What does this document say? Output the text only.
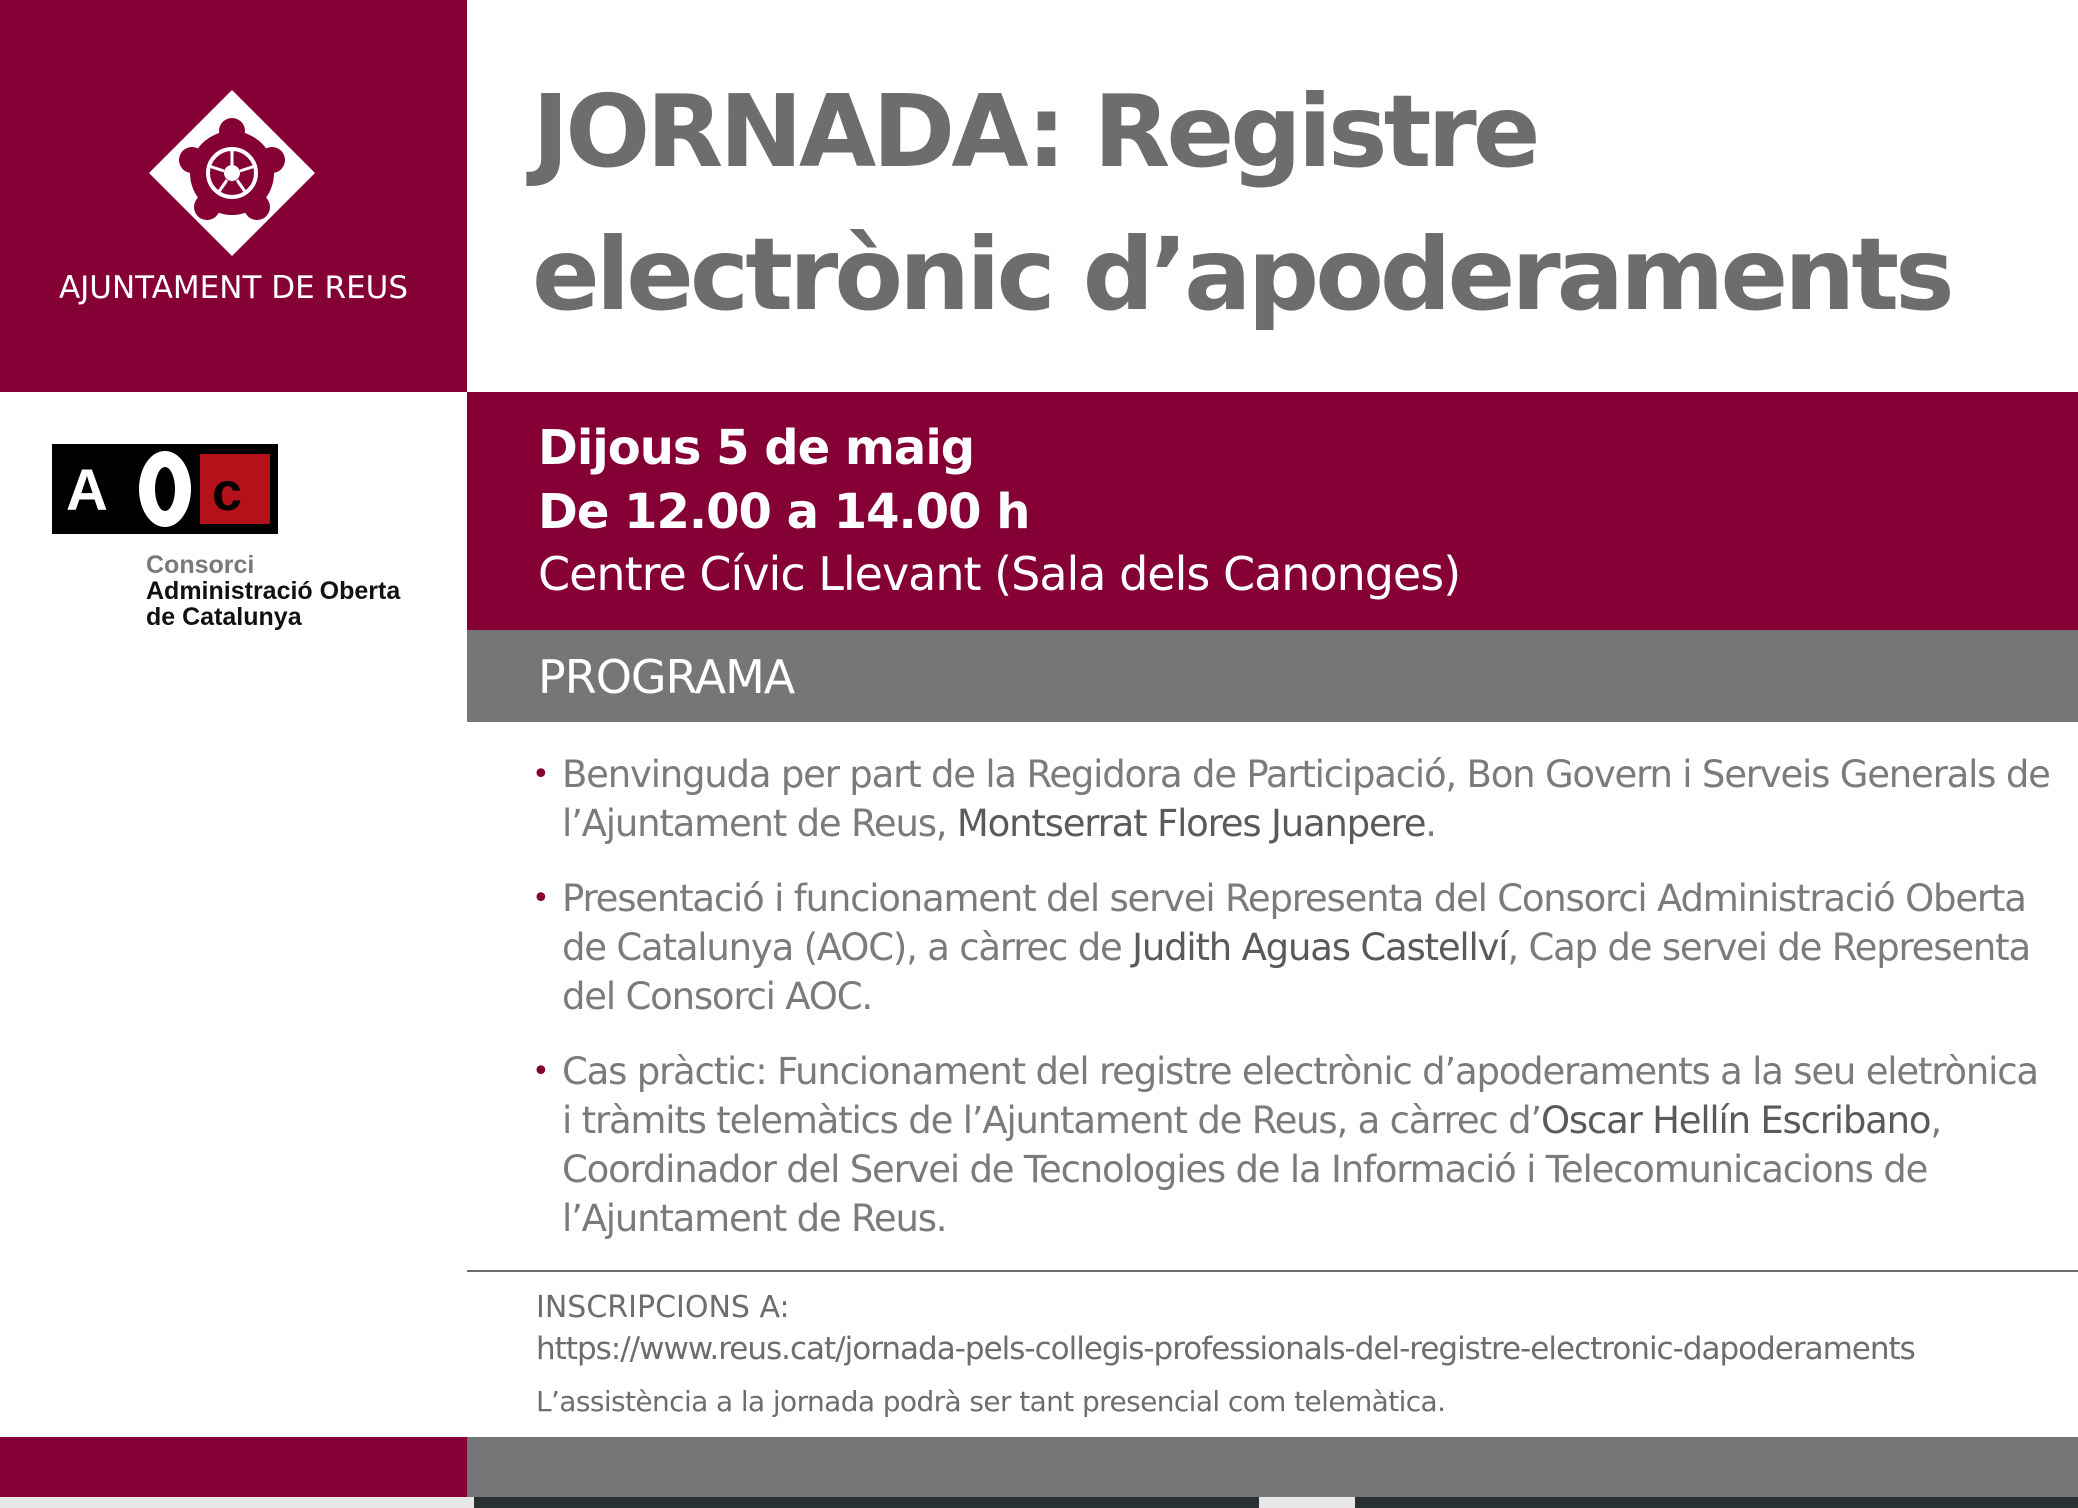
AJUNTAMENT DE REUS
A c
Consorci
Administració Oberta
de Catalunya
JORNADA: Registre
electrònic d’apoderaments
Dijous 5 de maig
De 12.00 a 14.00 h
Centre Cívic Llevant (Sala dels Canonges)
PROGRAMA
• Benvinguda per part de la Regidora de Participació, Bon Govern i Serveis Generals de l’Ajuntament de Reus, Montserrat Flores Juanpere.
• Presentació i funcionament del servei Representa del Consorci Administració Oberta de Catalunya (AOC), a càrrec de Judith Aguas Castellví, Cap de servei de Representa del Consorci AOC.
• Cas pràctic: Funcionament del registre electrònic d’apoderaments a la seu eletrònica i tràmits telemàtics de l’Ajuntament de Reus, a càrrec d’Oscar Hellín Escribano, Coordinador del Servei de Tecnologies de la Informació i Telecomunicacions de l’Ajuntament de Reus.
INSCRIPCIONS A:
https://www.reus.cat/jornada-pels-collegis-professionals-del-registre-electronic-dapoderaments
L’assistència a la jornada podrà ser tant presencial com telemàtica.
